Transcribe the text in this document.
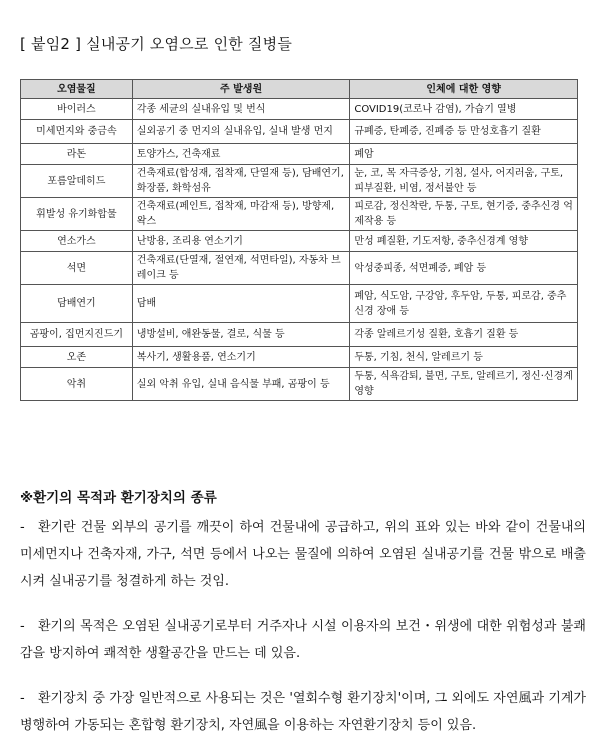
[ 붙임2 ] 실내공기 오염으로 인한 질병들
오염물질	주 발생원	인체에 대한 영향
바이러스	각종 세균의 실내유입 및 번식	COVID19(코로나 감염), 가습기 열병
미세먼지와 중금속	실외공기 중 먼지의 실내유입, 실내 발생 먼지	규폐증, 탄폐증, 진폐증 등 만성호흡기 질환
라돈	토양가스, 건축재료	폐암
포름알데히드	건축재료(합성재, 접착재, 단열재 등), 담배연기, 화장품, 화학섬유	눈, 코, 목 자극증상, 기침, 설사, 어지러움, 구토, 피부질환, 비염, 정서불안 등
휘발성 유기화합물	건축재료(페인트, 접착재, 마감재 등), 방향제, 왁스	피로감, 정신착란, 두통, 구토, 현기증, 중추신경 억제작용 등
연소가스	난방용, 조리용 연소기기	만성 폐질환, 기도저항, 중추신경계 영향
석면	건축재료(단열재, 절연재, 석면타일), 자동차 브레이크 등	악성중피종, 석면폐증, 폐암 등
담배연기	담배	폐암, 식도암, 구강암, 후두암, 두통, 피로감, 중추신경 장애 등
곰팡이, 집먼지진드기	냉방설비, 애완동물, 결로, 식물 등	각종 알레르기성 질환, 호흡기 질환 등
오존	복사기, 생활용품, 연소기기	두통, 기침, 천식, 알레르기 등
악취	실외 악취 유입, 실내 음식물 부패, 곰팡이 등	두통, 식욕감퇴, 불면, 구토, 알레르기, 정신·신경계 영향
※환기의 목적과 환기장치의 종류

- 환기란 건물 외부의 공기를 깨끗이 하여 건물내에 공급하고, 위의 표와 있는 바와 같이 건물내의 미세먼지나 건축자재, 가구, 석면 등에서 나오는 물질에 의하여 오염된 실내공기를 건물 밖으로 배출시켜 실내공기를 청결하게 하는 것임.

- 환기의 목적은 오염된 실내공기로부터 거주자나 시설 이용자의 보건・위생에 대한 위험성과 불쾌감을 방지하여 쾌적한 생활공간을 만드는 데 있음.

- 환기장치 중 가장 일반적으로 사용되는 것은 '열회수형 환기장치'이며, 그 외에도 자연風과 기계가 병행하여 가동되는 혼합형 환기장치, 자연風을 이용하는 자연환기장치 등이 있음.
